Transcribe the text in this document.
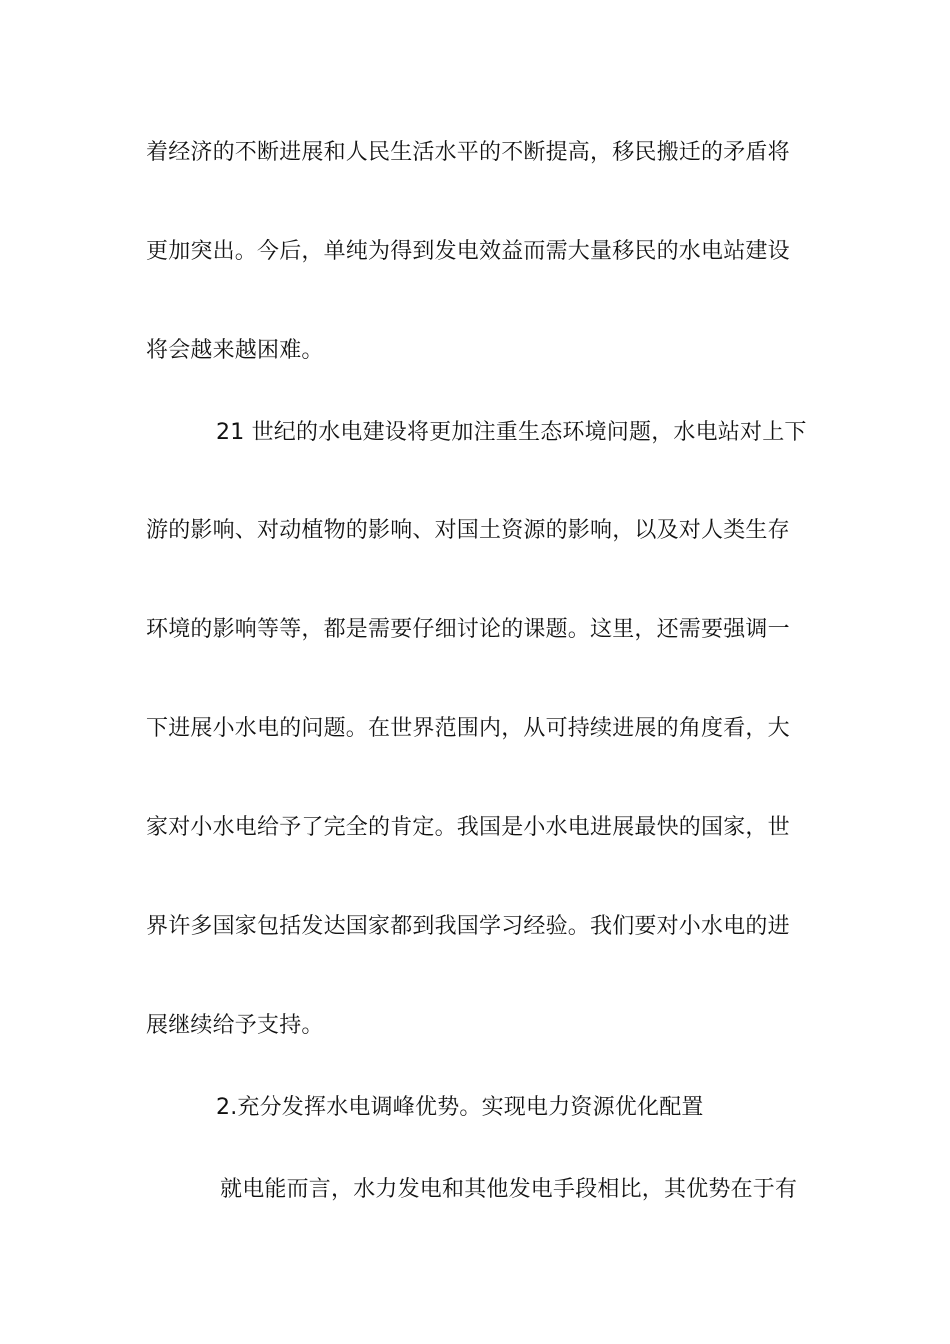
着经济的不断进展和人民生活水平的不断提高，移民搬迁的矛盾将
更加突出。今后，单纯为得到发电效益而需大量移民的水电站建设
将会越来越困难。
21 世纪的水电建设将更加注重生态环境问题，水电站对上下
游的影响、对动植物的影响、对国土资源的影响，以及对人类生存
环境的影响等等，都是需要仔细讨论的课题。这里，还需要强调一
下进展小水电的问题。在世界范围内，从可持续进展的角度看，大
家对小水电给予了完全的肯定。我国是小水电进展最快的国家，世
界许多国家包括发达国家都到我国学习经验。我们要对小水电的进
展继续给予支持。
2.充分发挥水电调峰优势。实现电力资源优化配置
就电能而言，水力发电和其他发电手段相比，其优势在于有
